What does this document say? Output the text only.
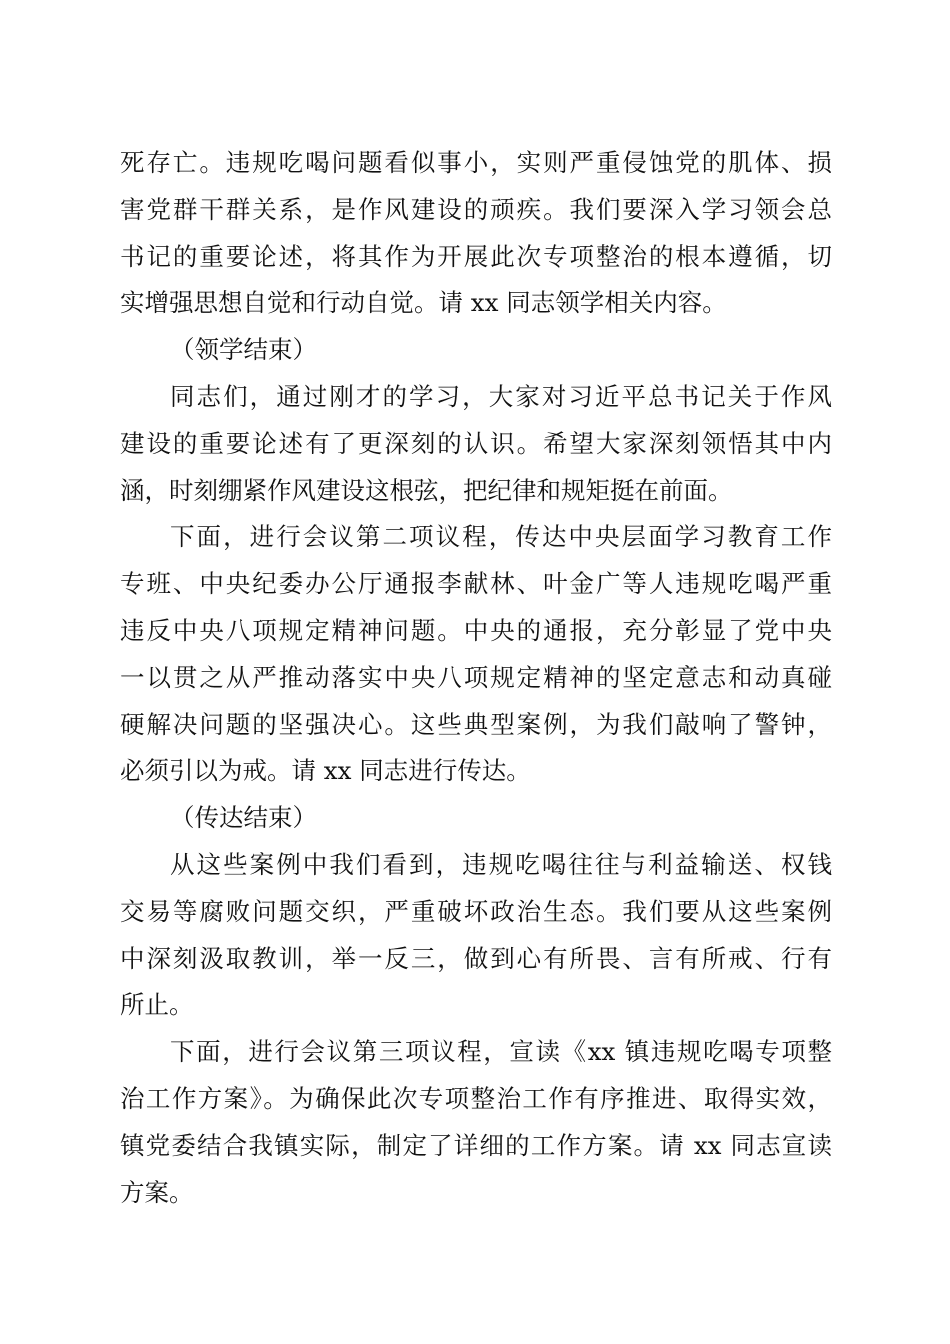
死存亡。违规吃喝问题看似事小，实则严重侵蚀党的肌体、损
害党群干群关系，是作风建设的顽疾。我们要深入学习领会总
书记的重要论述，将其作为开展此次专项整治的根本遵循，切
实增强思想自觉和行动自觉。请 xx 同志领学相关内容。
（领学结束）
同志们，通过刚才的学习，大家对习近平总书记关于作风
建设的重要论述有了更深刻的认识。希望大家深刻领悟其中内
涵，时刻绷紧作风建设这根弦，把纪律和规矩挺在前面。
下面，进行会议第二项议程，传达中央层面学习教育工作
专班、中央纪委办公厅通报李献林、叶金广等人违规吃喝严重
违反中央八项规定精神问题。中央的通报，充分彰显了党中央
一以贯之从严推动落实中央八项规定精神的坚定意志和动真碰
硬解决问题的坚强决心。这些典型案例，为我们敲响了警钟，
必须引以为戒。请 xx 同志进行传达。
（传达结束）
从这些案例中我们看到，违规吃喝往往与利益输送、权钱
交易等腐败问题交织，严重破坏政治生态。我们要从这些案例
中深刻汲取教训，举一反三，做到心有所畏、言有所戒、行有
所止。
下面，进行会议第三项议程，宣读《xx 镇违规吃喝专项整
治工作方案》。为确保此次专项整治工作有序推进、取得实效，
镇党委结合我镇实际，制定了详细的工作方案。请 xx 同志宣读
方案。
